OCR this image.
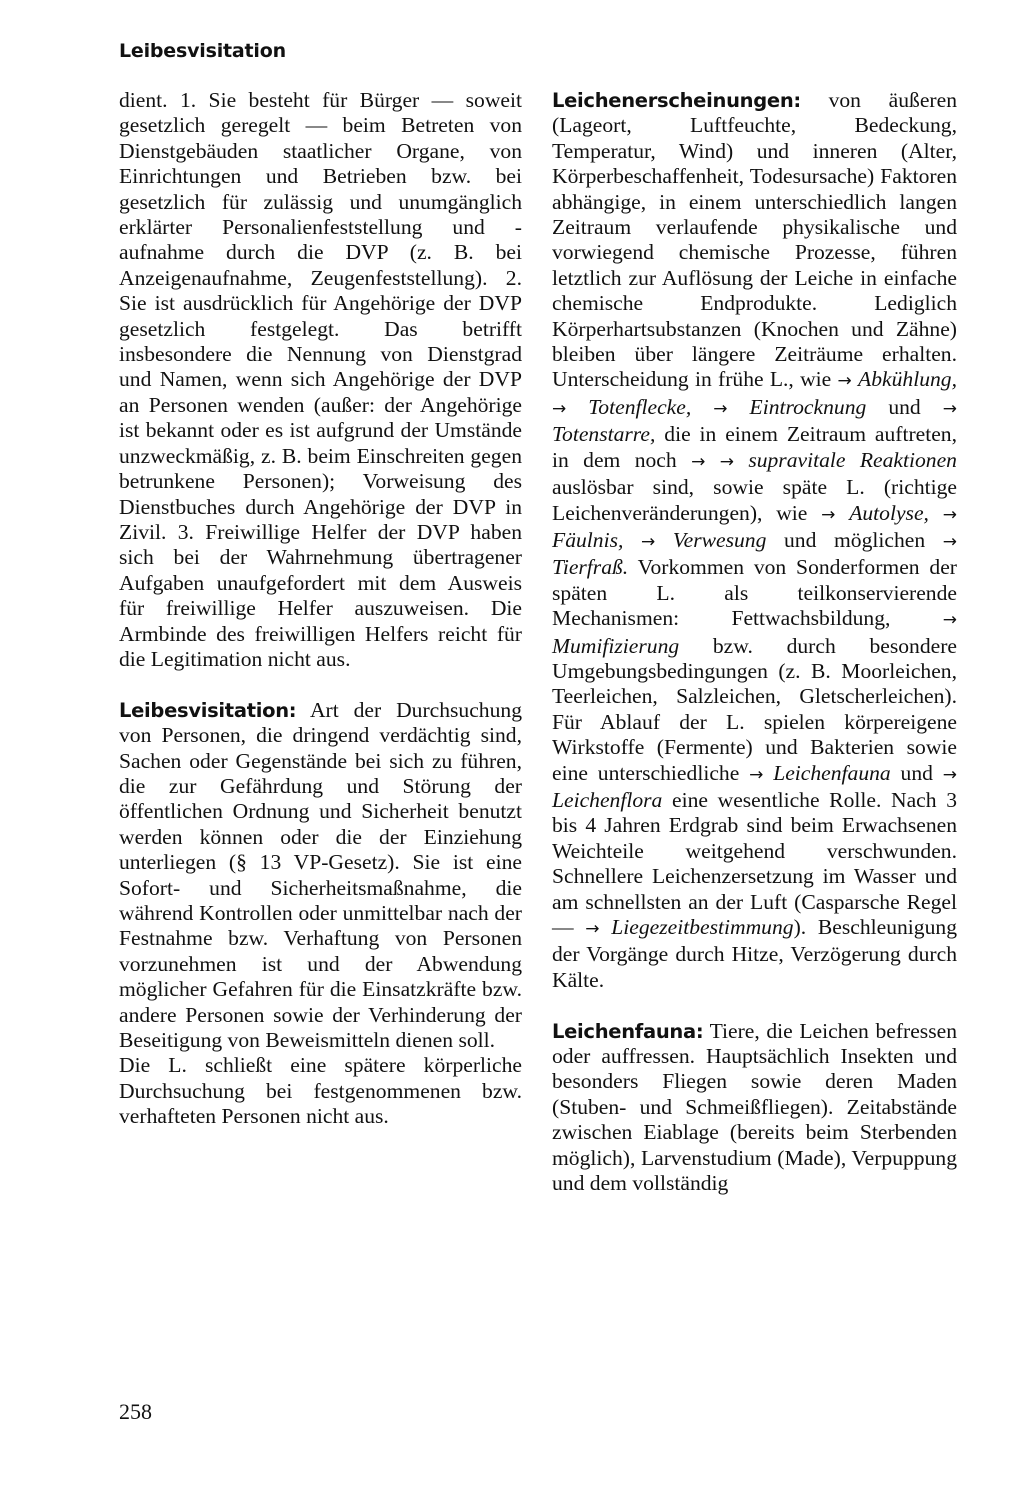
Leibesvisitation

dient. 1. Sie besteht für Bürger — soweit gesetzlich geregelt — beim Betreten von Dienstgebäuden staatlicher Organe, von Einrichtungen und Betrieben bzw. bei gesetzlich für zulässig und unumgänglich erklärter Personalienfeststellung und -aufnahme durch die DVP (z. B. bei Anzeigenaufnahme, Zeugenfeststellung). 2. Sie ist ausdrücklich für Angehörige der DVP gesetzlich festgelegt. Das betrifft insbesondere die Nennung von Dienstgrad und Namen, wenn sich Angehörige der DVP an Personen wenden (außer: der Angehörige ist bekannt oder es ist aufgrund der Umstände unzweckmäßig, z. B. beim Einschreiten gegen betrunkene Personen); Vorweisung des Dienstbuches durch Angehörige der DVP in Zivil. 3. Freiwillige Helfer der DVP haben sich bei der Wahrnehmung übertragener Aufgaben unaufgefordert mit dem Ausweis für freiwillige Helfer auszuweisen. Die Armbinde des freiwilligen Helfers reicht für die Legitimation nicht aus.

Leibesvisitation: Art der Durchsuchung von Personen, die dringend verdächtig sind, Sachen oder Gegenstände bei sich zu führen, die zur Gefährdung und Störung der öffentlichen Ordnung und Sicherheit benutzt werden können oder die der Einziehung unterliegen (§ 13 VP-Gesetz). Sie ist eine Sofort- und Sicherheitsmaßnahme, die während Kontrollen oder unmittelbar nach der Festnahme bzw. Verhaftung von Personen vorzunehmen ist und der Abwendung möglicher Gefahren für die Einsatzkräfte bzw. andere Personen sowie der Verhinderung der Beseitigung von Beweismitteln dienen soll.

Die L. schließt eine spätere körperliche Durchsuchung bei festgenommenen bzw. verhafteten Personen nicht aus.

Leichenerscheinungen: von äußeren (Lageort, Luftfeuchte, Bedeckung, Temperatur, Wind) und inneren (Alter, Körperbeschaffenheit, Todesursache) Faktoren abhängige, in einem unterschiedlich langen Zeitraum verlaufende physikalische und vorwiegend chemische Prozesse, führen letztlich zur Auflösung der Leiche in einfache chemische Endprodukte. Lediglich Körperhartsubstanzen (Knochen und Zähne) bleiben über längere Zeiträume erhalten. Unterscheidung in frühe L., wie → Abkühlung, → Totenflecke, → Eintrocknung und → Totenstarre, die in einem Zeitraum auftreten, in dem noch → → supravitale Reaktionen auslösbar sind, sowie späte L. (richtige Leichenveränderungen), wie → Autolyse, → Fäulnis, → Verwesung und möglichen → Tierfraß. Vorkommen von Sonderformen der späten L. als teilkonservierende Mechanismen: Fettwachsbildung, → Mumifizierung bzw. durch besondere Umgebungsbedingungen (z. B. Moorleichen, Teerleichen, Salzleichen, Gletscherleichen). Für Ablauf der L. spielen körpereigene Wirkstoffe (Fermente) und Bakterien sowie eine unterschiedliche → Leichenfauna und → Leichenflora eine wesentliche Rolle. Nach 3 bis 4 Jahren Erdgrab sind beim Erwachsenen Weichteile weitgehend verschwunden. Schnellere Leichenzersetzung im Wasser und am schnellsten an der Luft (Casparsche Regel — → Liegezeitbestimmung). Beschleunigung der Vorgänge durch Hitze, Verzögerung durch Kälte.

Leichenfauna: Tiere, die Leichen befressen oder auffressen. Hauptsächlich Insekten und besonders Fliegen sowie deren Maden (Stuben- und Schmeißfliegen). Zeitabstände zwischen Eiablage (bereits beim Sterbenden möglich), Larvenstudium (Made), Verpuppung und dem vollständig

258
